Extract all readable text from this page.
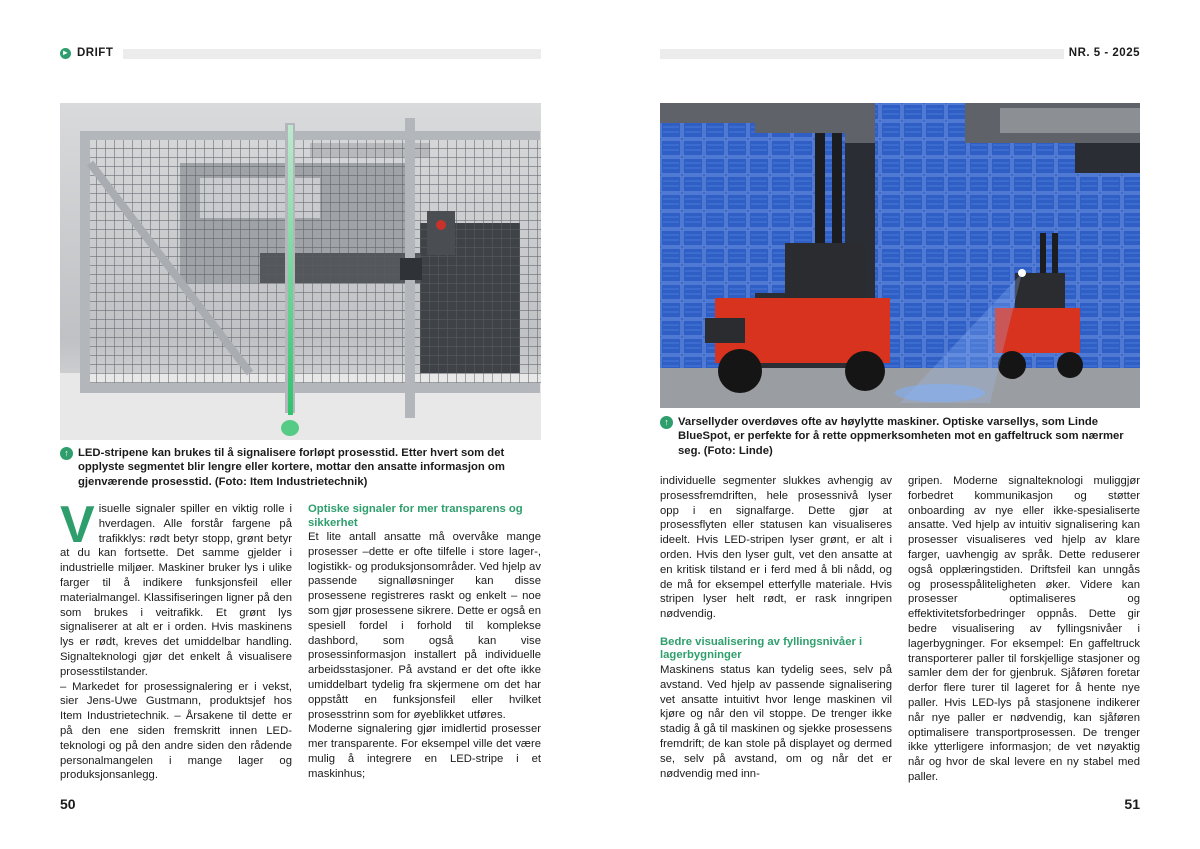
▸ DRIFT	NR. 5 - 2025
↑ LED-stripene kan brukes til å signalisere forløpt prosesstid. Etter hvert som det opplyste segmentet blir lengre eller kortere, mottar den ansatte informasjon om gjenværende prosesstid. (Foto: Item Industrietechnik)
↑ Varsellyder overdøves ofte av høylytte maskiner. Optiske varsellys, som Linde BlueSpot, er perfekte for å rette oppmerksomheten mot en gaffeltruck som nærmer seg. (Foto: Linde)
V isuelle signaler spiller en viktig rolle i hverdagen. Alle forstår fargene på trafikklys: rødt betyr stopp, grønt betyr at du kan fortsette. Det samme gjelder i industrielle miljøer. Maskiner bruker lys i ulike farger til å indikere funksjonsfeil eller materialmangel. Klassifiseringen ligner på den som brukes i veitrafikk. Et grønt lys signaliserer at alt er i orden. Hvis maskinens lys er rødt, kreves det umiddelbar handling. Signalteknologi gjør det enkelt å visualisere prosesstilstander.

– Markedet for prosessignalering er i vekst, sier Jens-Uwe Gustmann, produktsjef hos Item Industrietechnik. – Årsakene til dette er på den ene siden fremskritt innen LED-teknologi og på den andre siden den rådende personalmangelen i mange lager og produksjonsanlegg.

Optiske signaler for mer transparens og sikkerhet

Et lite antall ansatte må overvåke mange prosesser –dette er ofte tilfelle i store lager-, logistikk- og produksjonsområder. Ved hjelp av passende signalløsninger kan disse prosessene registreres raskt og enkelt – noe som gjør prosessene sikrere. Dette er også en spesiell fordel i forhold til komplekse dashbord, som også kan vise prosessinformasjon installert på individuelle arbeidsstasjoner. På avstand er det ofte ikke umiddelbart tydelig fra skjermene om det har oppstått en funksjonsfeil eller hvilket prosesstrinn som for øyeblikket utføres.

Moderne signalering gjør imidlertid prosesser mer transparente. For eksempel ville det være mulig å integrere en LED-stripe i et maskinhus;

individuelle segmenter slukkes avhengig av prosessfremdriften, hele prosessnivå lyser opp i en signalfarge. Dette gjør at prosessflyten eller statusen kan visualiseres ideelt. Hvis LED-stripen lyser grønt, er alt i orden. Hvis den lyser gult, vet den ansatte at en kritisk tilstand er i ferd med å bli nådd, og de må for eksempel etterfylle materiale. Hvis stripen lyser helt rødt, er rask inngripen nødvendig.

Bedre visualisering av fyllingsnivåer i lagerbygninger

Maskinens status kan tydelig sees, selv på avstand. Ved hjelp av passende signalisering vet ansatte intuitivt hvor lenge maskinen vil kjøre og når den vil stoppe. De trenger ikke stadig å gå til maskinen og sjekke prosessens fremdrift; de kan stole på displayet og dermed se, selv på avstand, om og når det er nødvendig med inn-

gripen. Moderne signalteknologi muliggjør forbedret kommunikasjon og støtter onboarding av nye eller ikke-spesialiserte ansatte. Ved hjelp av intuitiv signalisering kan prosesser visualiseres ved hjelp av klare farger, uavhengig av språk. Dette reduserer også opplæringstiden. Driftsfeil kan unngås og prosesspåliteligheten øker. Videre kan prosesser optimaliseres og effektivitetsforbedringer oppnås. Dette gir bedre visualisering av fyllingsnivåer i lagerbygninger. For eksempel: En gaffeltruck transporterer paller til forskjellige stasjoner og samler dem der for gjenbruk. Sjåføren foretar derfor flere turer til lageret for å hente nye paller. Hvis LED-lys på stasjonene indikerer når nye paller er nødvendig, kan sjåføren optimalisere transportprosessen. De trenger ikke ytterligere informasjon; de vet nøyaktig når og hvor de skal levere en ny stabel med paller.

50	51
